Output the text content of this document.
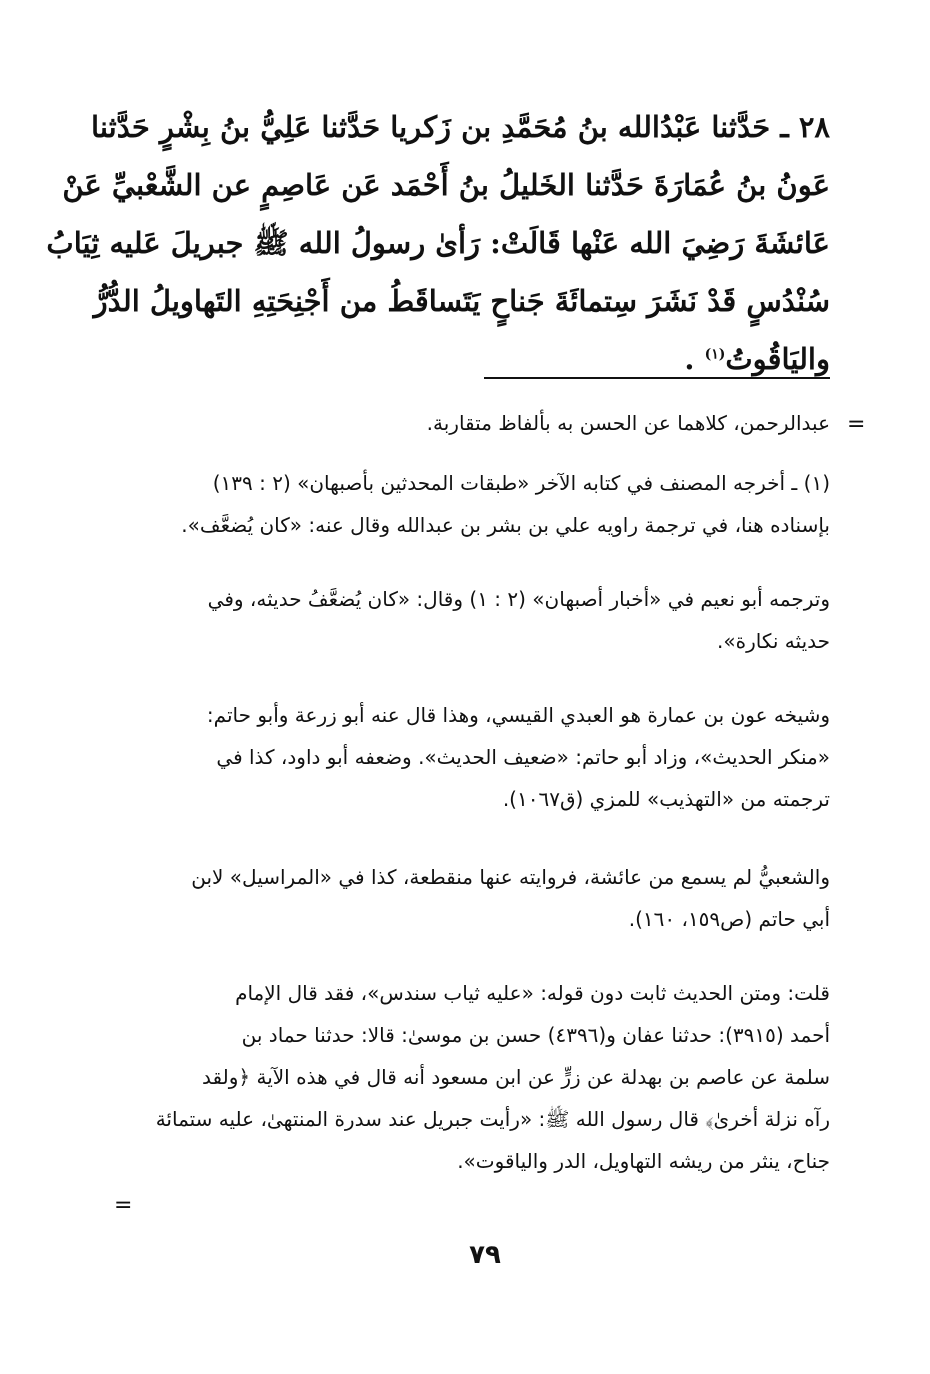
٢٨ ـ حَدَّثنا عَبْدُالله بنُ مُحَمَّدِ بن زَكريا حَدَّثنا عَلِيُّ بنُ بِشْرٍ حَدَّثنا
عَونُ بنُ عُمَارَةَ حَدَّثنا الخَليلُ بنُ أَحْمَد عَن عَاصِمٍ عن الشَّعْبيِّ عَنْ
عَائشَةَ رَضِيَ الله عَنْها قَالَتْ: رَأىٰ رسولُ الله ﷺ جبريلَ عَليه ثِيَابُ
سُنْدُسٍ قَدْ نَشَرَ سِتمائَةَ جَناحٍ يَتَساقَطُ من أَجْنِحَتِهِ التَهاويلُ الدُّرُّ
واليَاقُوتُ$^{(١)}$ .
=
عبدالرحمن، كلاهما عن الحسن به بألفاظ متقاربة.
(١) ـ أخرجه المصنف في كتابه الآخر «طبقات المحدثين بأصبهان» (٢ : ١٣٩)
بإسناده هنا، في ترجمة راويه علي بن بشر بن عبدالله وقال عنه: «كان يُضعَّف».
وترجمه أبو نعيم في «أخبار أصبهان» (٢ : ١) وقال: «كان يُضعَّفُ حديثه، وفي
حديثه نكارة».
وشيخه عون بن عمارة هو العبدي القيسي، وهذا قال عنه أبو زرعة وأبو حاتم:
«منكر الحديث»، وزاد أبو حاتم: «ضعيف الحديث». وضعفه أبو داود، كذا في
ترجمته من «التهذيب» للمزي (ق١٠٦٧).
والشعبيُّ لم يسمع من عائشة، فروايته عنها منقطعة، كذا في «المراسيل» لابن
أبي حاتم (ص١٥٩، ١٦٠).
قلت: ومتن الحديث ثابت دون قوله: «عليه ثياب سندس»، فقد قال الإمام
أحمد (٣٩١٥): حدثنا عفان و(٤٣٩٦) حسن بن موسىٰ: قالا: حدثنا حماد بن
سلمة عن عاصم بن بهدلة عن زرٍّ عن ابن مسعود أنه قال في هذه الآية ﴿ولقد
رآه نزلة أخرىٰ﴾ قال رسول الله ﷺ: «رأيت جبريل عند سدرة المنتهىٰ، عليه ستمائة
جناح، ينثر من ريشه التهاويل، الدر والياقوت».
=
٧٩
